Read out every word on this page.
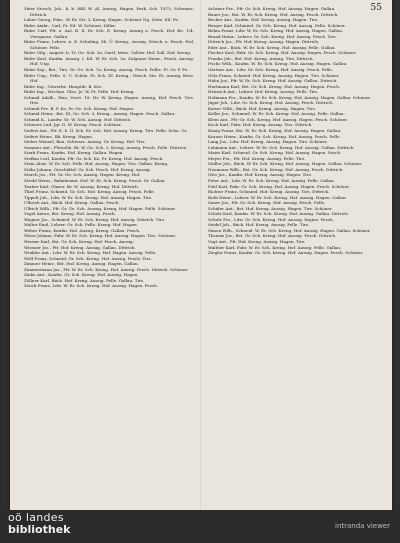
55
Vater Stosch, Joh., k. k. Hilf. W. Al. Aussig, Hagen, Pesk. Sch. 1873, Schemaz, Dittrich.
Laber Georg, Fabr., W. Er. Str. 3, Kreng, Hagen. Schöner Ng. Zeitz. Kil. Pe.
Rider Ambr., Carl, Pr. Ed. W. Schöner. Diller.
Rider Carl, Pfr. u. Anl. B. II, Er. Sch. E. Kreng. Aussig u. Pesch. Hof, Be. 1/4, Veregasse, Gallau.
Rider Franz, Lehrer. A. E. Schuling, Sh. Ü. Kreng., Aussig. Nitsch. u. Pesch. Hof, Schöner. Pelic.
Rider Gilg., Angest. b. Tr. Ge. Sch. 3a, Gartl, Mess. Vollstr. Hof. Zoll. Hof. Kreng.
Rider Karl, Kaufm. Aussig. I. Kil. W. Er. Sch. 3a, Zulgasse Heinr., Pesch, Aussig. Hof. Ung.
Rider Sep., Bst., Tirs. Gr. Ge. Sch. 7a, Kreng. Aussig. Pesch. Pellic. Fi. Gr. P. Pe.
Rider Ung., Pelle. S. U. Schön. Fr. Sch. Dl. Kreng., Nitsch. Ste. Et. Aussig. Bess. Hof.
Rider Ing., Gewerbe. Hauptdr. B. Kre.
Rider Ing., Mechan. Glas. Je. W. Pr. Pelle. Hof. Kreng.
Schmid Adalb., Hau. Vorst. 18. Hr. W. Kreng. Hagen. Aussig. Hof. Pesch. Tirs. Hes.
Schmid Frz. B. P. Ko. Pr. Ge. Sch. Kreng. Hof. Hagen.
Schmid Heinr., Bst. III, Ge. Sch. 3, Kreng., Aussig. Hagen. Pesch. Gallau.
Schmid K., Landw. Gr. W. Sch. Aussig. Hof. Dittrich.
Schwarz Lud. Jgr. D. W. Kreng. Pesch. Schöner.
Seifert Ant., Pfr. E. S. II. Sch. Er. Sch. Hof. Aussig. Kreng. Tirs. Pelle. Schu. Gr.
Seifert Heinr., Bk. Kreng. Hagen.
Sieber Wenzel, Bau. Schwarz. Aussig. Gr. Kreng. Hof. Tirs.
Sommer Ant., Fleischh. Br. W. Ge. Sch. 3, Kreng. Aussig. Pesch. Pelle. Dittrich.
Stark Franz, Kaufm. Hof. Kreng. Gallau. Hagen.
Steffan Carl, Kaufm. Pfr. Gr. Sch. Ko. Pr. Kreng. Hof. Aussig. Pesch.
Stein Alois, W. Er. Sch. Pelle. Hof. Aussig. Hagen. Tirs. Gallau. Kreng.
Stöhr Johann, Geschäftsf. Gr. Sch. Pesch. Hof. Kreng. Aussig.
Storch Jos., Pfr. Gr. Ge. Sch. Aussig. Hagen. Kreng. Hof.
Strobl Herm., Bahnbeamt. Hof. W. Er. Sch. Kreng. Pesch. Gr. Gallau.
Tauber Karl, Glaser. Br. W. Aussig. Kreng. Hof. Dittrich.
Thiel Franz, Schneid. Gr. Sch. Hof. Kreng. Aussig. Pesch. Pelle.
Tippelt Joh., Ldw. W. Er. Sch. Kreng. Hof. Aussig. Hagen. Tirs.
Ulbrich Ant., Bäck. Hof. Kreng. Gallau. Pesch.
Ullrich Wilh., Pfr. Gr. Ge. Sch. Aussig. Kreng. Hof. Hagen. Pelle. Schöner.
Vogel Anton, Bst. Kreng. Hof. Aussig. Pesch.
Wagner Jos., Schmied. W. Er. Sch. Kreng. Hof. Aussig. Dittrich. Tirs.
Walter Emil, Lehrer. Gr. Sch. Pelle. Kreng. Hof. Hagen.
Weber Franz, Kaufm. Hof. Aussig. Kreng. Gallau. Pesch.
Weiss Johann, Fabr. W. Er. Sch. Kreng. Hof. Aussig. Hagen. Tirs. Schöner.
Werner Karl, Bst. Gr. Sch. Kreng. Hof. Pesch. Aussig.
Wiesner Jos., Pfr. Hof. Kreng. Aussig. Gallau. Dittrich.
Winkler Ant., Ldw. W. Er. Sch. Kreng. Hof. Hagen. Aussig. Pelle.
Wolf Franz, Schneid. Gr. Sch. Kreng. Hof. Aussig. Pesch. Tirs.
Zimmer Heinr., Bst. Hof. Kreng. Aussig. Hagen. Gallau.
Zimmermann Jos., Pfr. W. Er. Sch. Kreng. Hof. Aussig. Pesch. Dittrich. Schöner.
Zinke Ant., Kaufm. Gr. Sch. Kreng. Hof. Aussig. Hagen.
Zöllner Karl, Bäck. Hof. Kreng. Aussig. Pelle. Gallau. Tirs.
Zwick Franz, Ldw. W. Er. Sch. Kreng. Hof. Aussig. Hagen. Pesch.
Achtner Frz., Pfr. Gr. Sch. Kreng. Hof. Aussig. Hagen. Gallau.
Bauer Jos., Bst. W. Er. Sch. Kreng. Hof. Aussig. Pesch. Dittrich.
Becker Ant., Kaufm. Hof. Kreng. Aussig. Hagen. Tirs.
Berger Karl, Schmied. Gr. Sch. Kreng. Hof. Aussig. Pelle. Schöner.
Böhm Franz, Ldw. W. Er. Sch. Kreng. Hof. Aussig. Hagen. Gallau.
Brand Heinr., Lehrer. Gr. Sch. Kreng. Hof. Aussig. Pesch. Tirs.
Dittrich Jos., Pfr. Hof. Kreng. Aussig. Hagen. Dittrich.
Eder Ant., Bäck. W. Er. Sch. Kreng. Hof. Aussig. Pelle. Gallau.
Fischer Karl, Fabr. Gr. Sch. Kreng. Hof. Aussig. Hagen. Pesch. Schöner.
Franke Joh., Bst. Hof. Kreng. Aussig. Tirs. Dittrich.
Fuchs Wilh., Kaufm. W. Er. Sch. Kreng. Hof. Aussig. Hagen. Gallau.
Gärtner Ant., Ldw. Gr. Sch. Kreng. Hof. Aussig. Pesch. Pelle.
Götz Franz, Schneid. Hof. Kreng. Aussig. Hagen. Tirs. Schöner.
Hahn Jos., Pfr. W. Er. Sch. Kreng. Hof. Aussig. Gallau. Dittrich.
Hartmann Karl, Bst. Gr. Sch. Kreng. Hof. Aussig. Hagen. Pesch.
Heinrich Ant., Lehrer. Hof. Kreng. Aussig. Pelle. Tirs.
Hofmann Frz., Kaufm. W. Er. Sch. Kreng. Hof. Aussig. Hagen. Gallau. Schöner.
Jäger Joh., Ldw. Gr. Sch. Kreng. Hof. Aussig. Pesch. Dittrich.
Kaiser Wilh., Bäck. Hof. Kreng. Aussig. Hagen. Tirs.
Keller Jos., Schmied. W. Er. Sch. Kreng. Hof. Aussig. Pelle. Gallau.
Klein Ant., Pfr. Gr. Sch. Kreng. Hof. Aussig. Hagen. Pesch. Schöner.
Koch Karl, Fabr. Hof. Kreng. Aussig. Tirs. Dittrich.
König Franz, Bst. W. Er. Sch. Kreng. Hof. Aussig. Hagen. Gallau.
Krause Heinr., Kaufm. Gr. Sch. Kreng. Hof. Aussig. Pesch. Pelle.
Lang Jos., Ldw. Hof. Kreng. Aussig. Hagen. Tirs. Schöner.
Lehmann Ant., Lehrer. W. Er. Sch. Kreng. Hof. Aussig. Gallau. Dittrich.
Maier Karl, Schneid. Gr. Sch. Kreng. Hof. Aussig. Hagen. Pesch.
Meyer Frz., Pfr. Hof. Kreng. Aussig. Pelle. Tirs.
Müller Joh., Bäck. W. Er. Sch. Kreng. Hof. Aussig. Hagen. Gallau. Schöner.
Neumann Wilh., Bst. Gr. Sch. Kreng. Hof. Aussig. Pesch. Dittrich.
Otto Jos., Kaufm. Hof. Kreng. Aussig. Hagen. Tirs.
Peter Ant., Ldw. W. Er. Sch. Kreng. Hof. Aussig. Pelle. Gallau.
Pohl Karl, Fabr. Gr. Sch. Kreng. Hof. Aussig. Hagen. Pesch. Schöner.
Richter Franz, Schmied. Hof. Kreng. Aussig. Tirs. Dittrich.
Roth Heinr., Lehrer. W. Er. Sch. Kreng. Hof. Aussig. Hagen. Gallau.
Sauer Jos., Pfr. Gr. Sch. Kreng. Hof. Aussig. Pesch. Pelle.
Schäfer Ant., Bst. Hof. Kreng. Aussig. Hagen. Tirs. Schöner.
Scholz Karl, Kaufm. W. Er. Sch. Kreng. Hof. Aussig. Gallau. Dittrich.
Schulz Frz., Ldw. Gr. Sch. Kreng. Hof. Aussig. Hagen. Pesch.
Seidel Joh., Bäck. Hof. Kreng. Aussig. Pelle. Tirs.
Simon Wilh., Schneid. W. Er. Sch. Kreng. Hof. Aussig. Hagen. Gallau. Schöner.
Thomas Jos., Bst. Gr. Sch. Kreng. Hof. Aussig. Pesch. Dittrich.
Vogt Ant., Pfr. Hof. Kreng. Aussig. Hagen. Tirs.
Walther Karl, Fabr. W. Er. Sch. Kreng. Hof. Aussig. Pelle. Gallau.
Ziegler Franz, Kaufm. Gr. Sch. Kreng. Hof. Aussig. Hagen. Pesch. Schöner.
oö landes
bibliothek	intranda viewer
